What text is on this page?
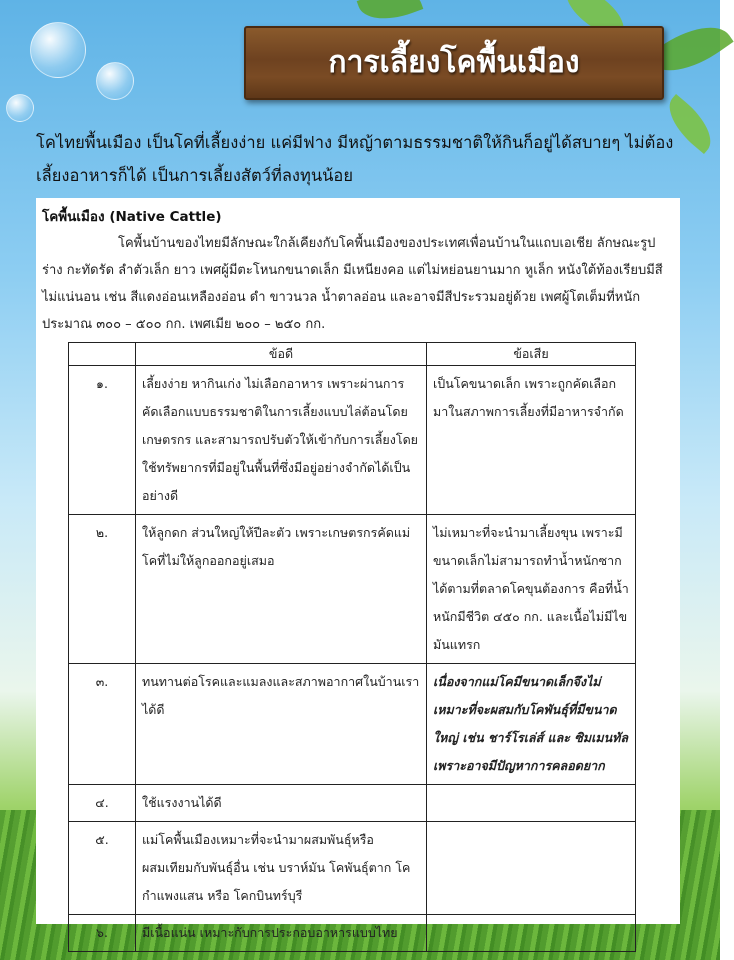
การเลี้ยงโคพื้นเมือง
โคไทยพื้นเมือง เป็นโคที่เลี้ยงง่าย แค่มีฟาง มีหญ้าตามธรรมชาติให้กินก็อยู่ได้สบายๆ ไม่ต้องเลี้ยงอาหารก็ได้ เป็นการเลี้ยงสัตว์ที่ลงทุนน้อย
โคพื้นเมือง (Native Cattle)
โคพื้นบ้านของไทยมีลักษณะใกล้เคียงกับโคพื้นเมืองของประเทศเพื่อนบ้านในแถบเอเชีย ลักษณะรูปร่าง กะทัดรัด ลำตัวเล็ก ยาว เพศผู้มีตะโหนกขนาดเล็ก มีเหนียงคอ แต่ไม่หย่อนยานมาก หูเล็ก หนังใต้ท้องเรียบมีสีไม่แน่นอน เช่น สีแดงอ่อนเหลืองอ่อน ดำ ขาวนวล น้ำตาลอ่อน และอาจมีสีประรวมอยู่ด้วย เพศผู้โตเต็มที่หนักประมาณ ๓๐๐ – ๕๐๐ กก. เพศเมีย ๒๐๐ – ๒๕๐ กก.
	ข้อดี	ข้อเสีย
๑.	เลี้ยงง่าย หากินเก่ง ไม่เลือกอาหาร เพราะผ่านการคัดเลือกแบบธรรมชาติในการเลี้ยงแบบไล่ต้อนโดยเกษตรกร และสามารถปรับตัวให้เข้ากับการเลี้ยงโดยใช้ทรัพยากรที่มีอยู่ในพื้นที่ซึ่งมีอยู่อย่างจำกัดได้เป็นอย่างดี	เป็นโคขนาดเล็ก เพราะถูกคัดเลือกมาในสภาพการเลี้ยงที่มีอาหารจำกัด
๒.	ให้ลูกดก ส่วนใหญ่ให้ปีละตัว เพราะเกษตรกรคัดแม่โคที่ไม่ให้ลูกออกอยู่เสมอ	ไม่เหมาะที่จะนำมาเลี้ยงขุน เพราะมีขนาดเล็กไม่สามารถทำน้ำหนักซากได้ตามที่ตลาดโคขุนต้องการ คือที่น้ำหนักมีชีวิต ๔๕๐ กก. และเนื้อไม่มีไขมันแทรก
๓.	ทนทานต่อโรคและแมลงและสภาพอากาศในบ้านเราได้ดี	เนื่องจากแม่โคมีขนาดเล็กจึงไม่เหมาะที่จะผสมกับโคพันธุ์ที่มีขนาดใหญ่ เช่น ชาร์โรเล่ส์ และ ซิมเมนทัล เพราะอาจมีปัญหาการคลอดยาก
๔.	ใช้แรงงานได้ดี	
๕.	แม่โคพื้นเมืองเหมาะที่จะนำมาผสมพันธุ์หรือผสมเทียมกับพันธุ์อื่น เช่น บราห์มัน โคพันธุ์ตาก โคกำแพงแสน หรือ โคกบินทร์บุรี	
๖.	มีเนื้อแน่น เหมาะกับการประกอบอาหารแบบไทย	
